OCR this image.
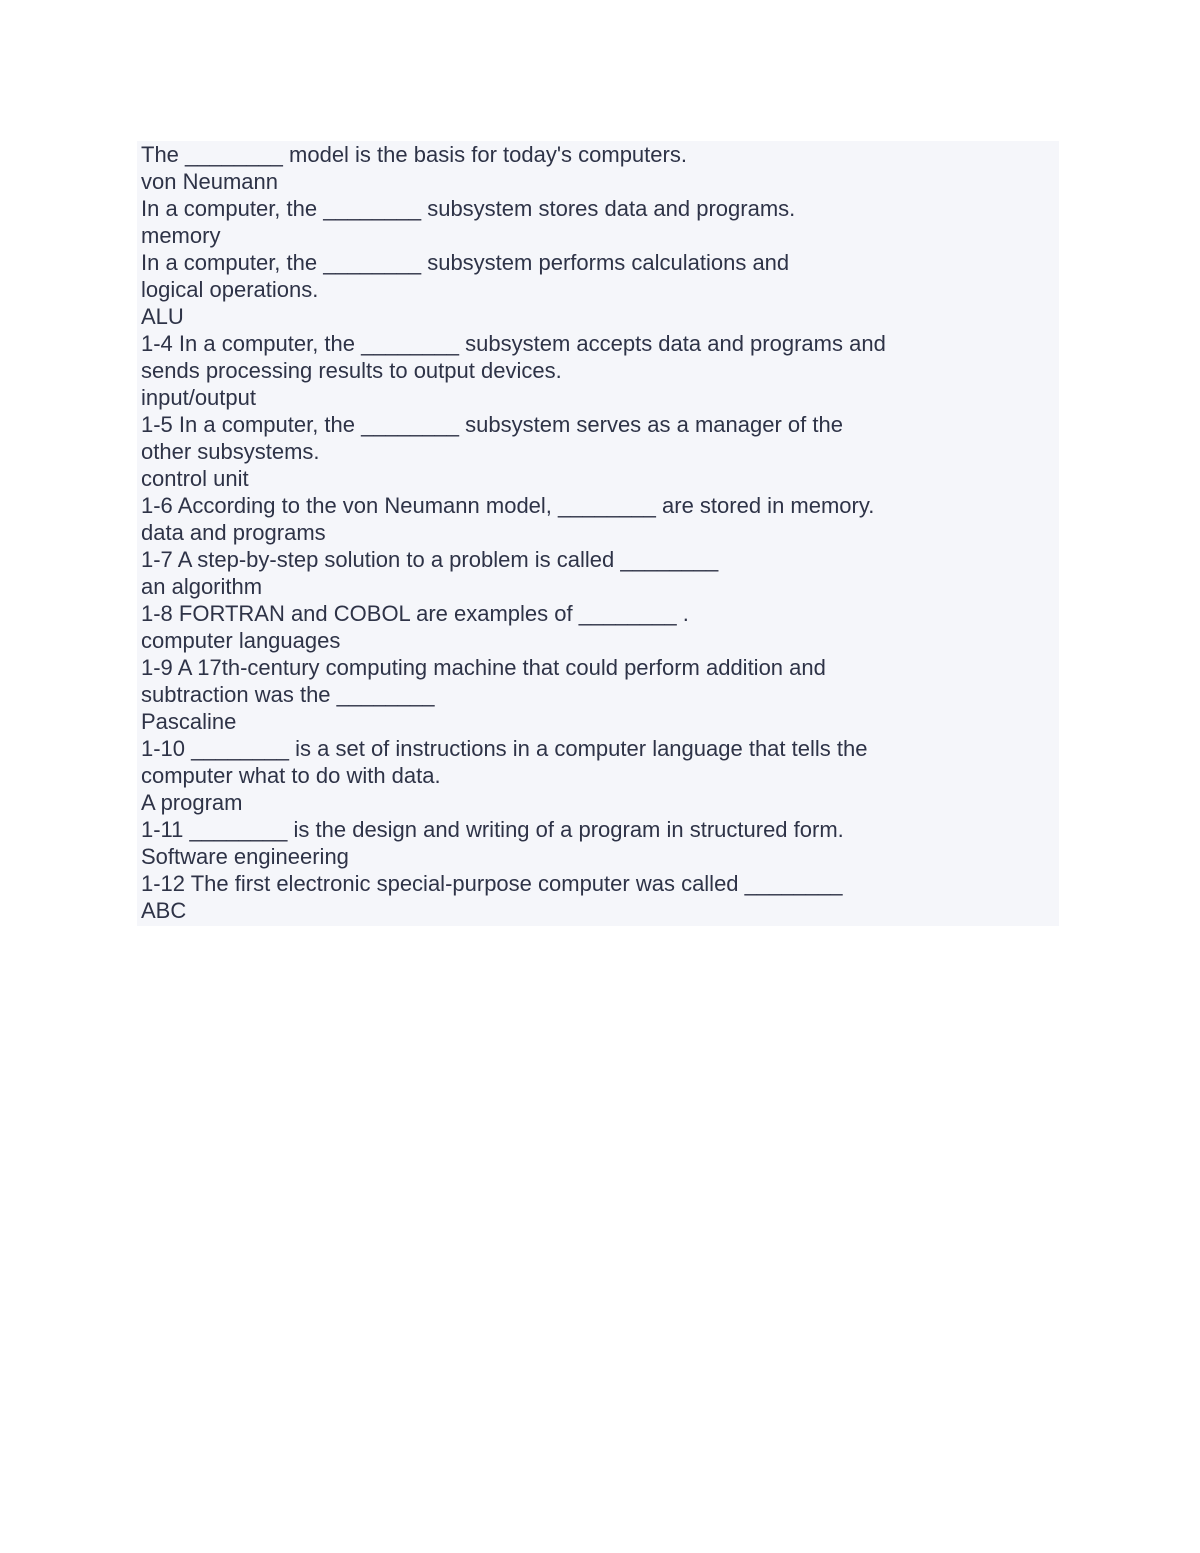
The ________ model is the basis for today's computers.
von Neumann
In a computer, the ________ subsystem stores data and programs.
memory
In a computer, the ________ subsystem performs calculations and
logical operations.
ALU
1-4 In a computer, the ________ subsystem accepts data and programs and
sends processing results to output devices.
input/output
1-5 In a computer, the ________ subsystem serves as a manager of the
other subsystems.
control unit
1-6 According to the von Neumann model, ________ are stored in memory.
data and programs
1-7 A step-by-step solution to a problem is called ________
an algorithm
1-8 FORTRAN and COBOL are examples of ________ .
computer languages
1-9 A 17th-century computing machine that could perform addition and
subtraction was the ________
Pascaline
1-10 ________ is a set of instructions in a computer language that tells the
computer what to do with data.
A program
1-11 ________ is the design and writing of a program in structured form.
Software engineering
1-12 The first electronic special-purpose computer was called ________
ABC
